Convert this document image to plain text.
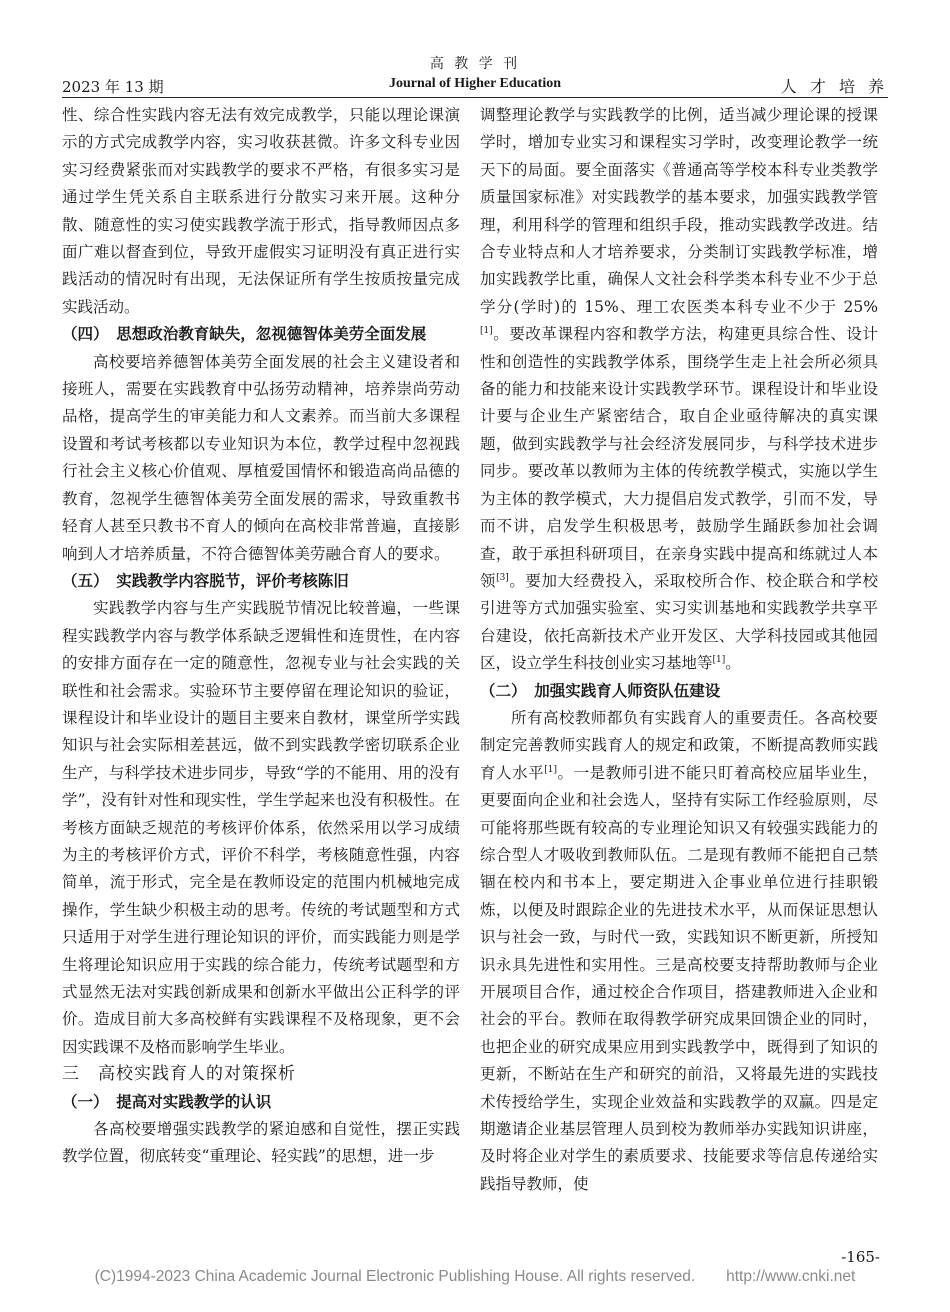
2023 年 13 期
高 教 学 刊
Journal of Higher Education	人 才 培 养

性、综合性实践内容无法有效完成教学，只能以理论课演示的方式完成教学内容，实习收获甚微。许多文科专业因实习经费紧张而对实践教学的要求不严格，有很多实习是通过学生凭关系自主联系进行分散实习来开展。这种分散、随意性的实习使实践教学流于形式，指导教师因点多面广难以督查到位，导致开虚假实习证明没有真正进行实践活动的情况时有出现，无法保证所有学生按质按量完成实践活动。

（四）　思想政治教育缺失，忽视德智体美劳全面发展

高校要培养德智体美劳全面发展的社会主义建设者和接班人，需要在实践教育中弘扬劳动精神，培养崇尚劳动品格，提高学生的审美能力和人文素养。而当前大多课程设置和考试考核都以专业知识为本位，教学过程中忽视践行社会主义核心价值观、厚植爱国情怀和锻造高尚品德的教育，忽视学生德智体美劳全面发展的需求，导致重教书轻育人甚至只教书不育人的倾向在高校非常普遍，直接影响到人才培养质量，不符合德智体美劳融合育人的要求。

（五）　实践教学内容脱节，评价考核陈旧

实践教学内容与生产实践脱节情况比较普遍，一些课程实践教学内容与教学体系缺乏逻辑性和连贯性，在内容的安排方面存在一定的随意性，忽视专业与社会实践的关联性和社会需求。实验环节主要停留在理论知识的验证，课程设计和毕业设计的题目主要来自教材，课堂所学实践知识与社会实际相差甚远，做不到实践教学密切联系企业生产，与科学技术进步同步，导致“学的不能用、用的没有学”，没有针对性和现实性，学生学起来也没有积极性。在考核方面缺乏规范的考核评价体系，依然采用以学习成绩为主的考核评价方式，评价不科学，考核随意性强，内容简单，流于形式，完全是在教师设定的范围内机械地完成操作，学生缺少积极主动的思考。传统的考试题型和方式只适用于对学生进行理论知识的评价，而实践能力则是学生将理论知识应用于实践的综合能力，传统考试题型和方式显然无法对实践创新成果和创新水平做出公正科学的评价。造成目前大多高校鲜有实践课程不及格现象，更不会因实践课不及格而影响学生毕业。

三　高校实践育人的对策探析
（一）　提高对实践教学的认识

各高校要增强实践教学的紧迫感和自觉性，摆正实践教学位置，彻底转变“重理论、轻实践”的思想，进一步

调整理论教学与实践教学的比例，适当减少理论课的授课学时，增加专业实习和课程实习学时，改变理论教学一统天下的局面。要全面落实《普通高等学校本科专业类教学质量国家标准》对实践教学的基本要求，加强实践教学管理，利用科学的管理和组织手段，推动实践教学改进。结合专业特点和人才培养要求，分类制订实践教学标准，增加实践教学比重，确保人文社会科学类本科专业不少于总学分(学时)的 15%、理工农医类本科专业不少于 25%[1]。要改革课程内容和教学方法，构建更具综合性、设计性和创造性的实践教学体系，围绕学生走上社会所必须具备的能力和技能来设计实践教学环节。课程设计和毕业设计要与企业生产紧密结合，取自企业亟待解决的真实课题，做到实践教学与社会经济发展同步，与科学技术进步同步。要改革以教师为主体的传统教学模式，实施以学生为主体的教学模式，大力提倡启发式教学，引而不发，导而不讲，启发学生积极思考，鼓励学生踊跃参加社会调查，敢于承担科研项目，在亲身实践中提高和练就过人本领[3]。要加大经费投入，采取校所合作、校企联合和学校引进等方式加强实验室、实习实训基地和实践教学共享平台建设，依托高新技术产业开发区、大学科技园或其他园区，设立学生科技创业实习基地等[1]。

（二）　加强实践育人师资队伍建设

所有高校教师都负有实践育人的重要责任。各高校要制定完善教师实践育人的规定和政策，不断提高教师实践育人水平[1]。一是教师引进不能只盯着高校应届毕业生，更要面向企业和社会选人，坚持有实际工作经验原则，尽可能将那些既有较高的专业理论知识又有较强实践能力的综合型人才吸收到教师队伍。二是现有教师不能把自己禁锢在校内和书本上，要定期进入企事业单位进行挂职锻炼，以便及时跟踪企业的先进技术水平，从而保证思想认识与社会一致，与时代一致，实践知识不断更新，所授知识永具先进性和实用性。三是高校要支持帮助教师与企业开展项目合作，通过校企合作项目，搭建教师进入企业和社会的平台。教师在取得教学研究成果回馈企业的同时，也把企业的研究成果应用到实践教学中，既得到了知识的更新，不断站在生产和研究的前沿，又将最先进的实践技术传授给学生，实现企业效益和实践教学的双赢。四是定期邀请企业基层管理人员到校为教师举办实践知识讲座，及时将企业对学生的素质要求、技能要求等信息传递给实践指导教师，使

-165-
(C)1994-2023 China Academic Journal Electronic Publishing House. All rights reserved.　　http://www.cnki.net
